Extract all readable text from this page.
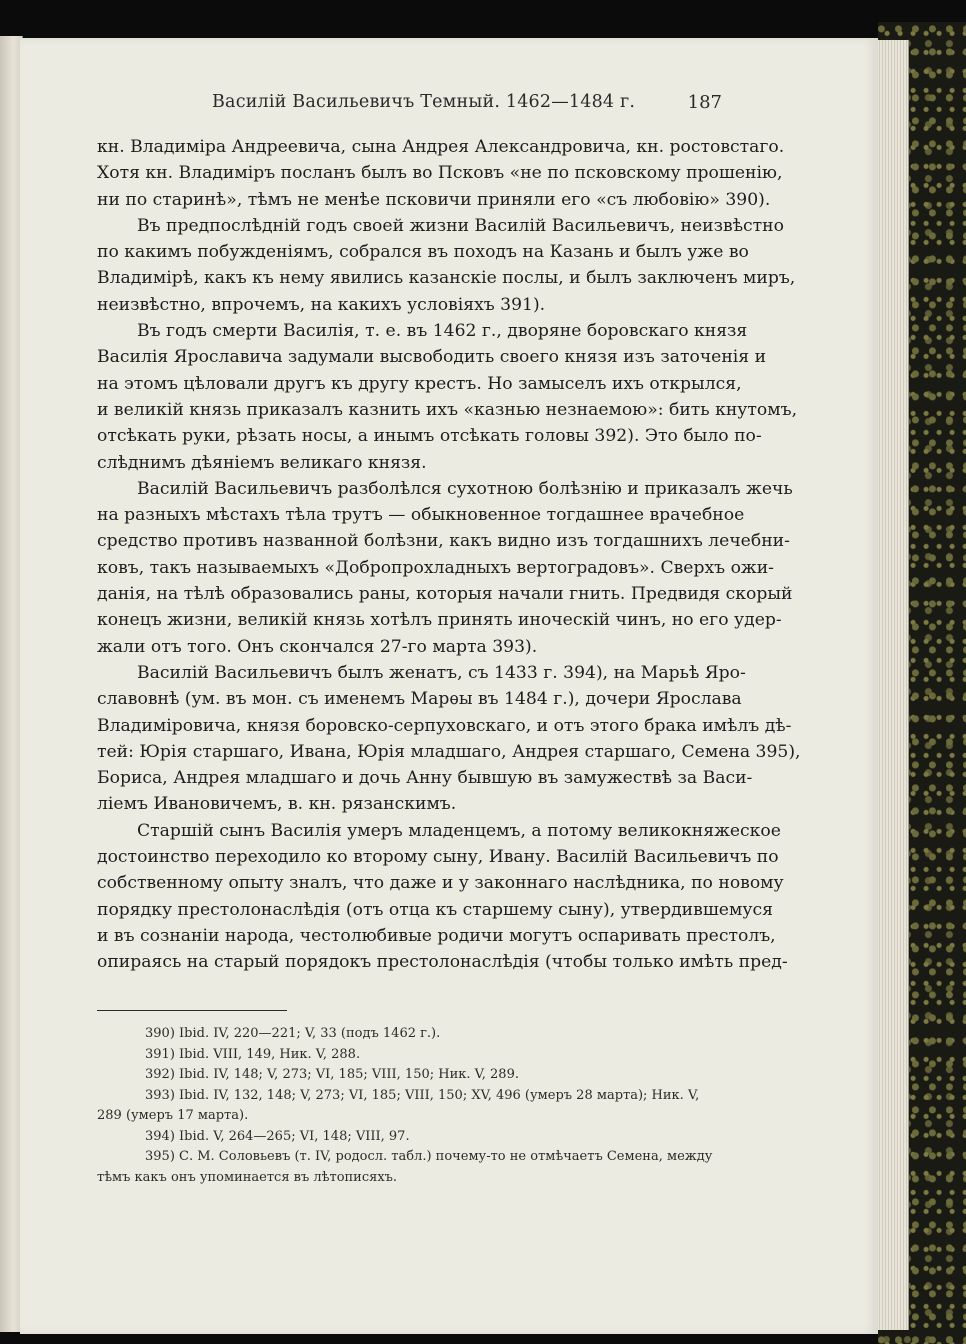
Василій Васильевичъ Темный. 1462—1484 г.	187
кн. Владиміра Андреевича, сына Андрея Александровича, кн. ростовстаго.
Хотя кн. Владиміръ посланъ былъ во Псковъ «не по псковскому прошенію,
ни по старинѣ», тѣмъ не менѣе псковичи приняли его «съ любовію» 390).
Въ предпослѣдній годъ своей жизни Василій Васильевичъ, неизвѣстно
по какимъ побужденіямъ, собрался въ походъ на Казань и былъ уже во
Владимірѣ, какъ къ нему явились казанскіе послы, и былъ заключенъ миръ,
неизвѣстно, впрочемъ, на какихъ условіяхъ 391).
Въ годъ смерти Василія, т. е. въ 1462 г., дворяне боровскаго князя
Василія Ярославича задумали высвободить своего князя изъ заточенія и
на этомъ цѣловали другъ къ другу крестъ. Но замыселъ ихъ открылся,
и великій князь приказалъ казнить ихъ «казнью незнаемою»: бить кнутомъ,
отсѣкать руки, рѣзать носы, а инымъ отсѣкать головы 392). Это было по-
слѣднимъ дѣяніемъ великаго князя.
Василій Васильевичъ разболѣлся сухотною болѣзнію и приказалъ жечь
на разныхъ мѣстахъ тѣла трутъ — обыкновенное тогдашнее врачебное
средство противъ названной болѣзни, какъ видно изъ тогдашнихъ лечебни-
ковъ, такъ называемыхъ «Добропрохладныхъ вертоградовъ». Сверхъ ожи-
данія, на тѣлѣ образовались раны, которыя начали гнить. Предвидя скорый
конецъ жизни, великій князь хотѣлъ принять иноческій чинъ, но его удер-
жали отъ того. Онъ скончался 27-го марта 393).
Василій Васильевичъ былъ женатъ, съ 1433 г. 394), на Марьѣ Яро-
славовнѣ (ум. въ мон. съ именемъ Марѳы въ 1484 г.), дочери Ярослава
Владиміровича, князя боровско-серпуховскаго, и отъ этого брака имѣлъ дѣ-
тей: Юрія старшаго, Ивана, Юрія младшаго, Андрея старшаго, Семена 395),
Бориса, Андрея младшаго и дочь Анну бывшую въ замужествѣ за Васи-
ліемъ Ивановичемъ, в. кн. рязанскимъ.
Старшій сынъ Василія умеръ младенцемъ, а потому великокняжеское
достоинство переходило ко второму сыну, Ивану. Василій Васильевичъ по
собственному опыту зналъ, что даже и у законнаго наслѣдника, по новому
порядку престолонаслѣдія (отъ отца къ старшему сыну), утвердившемуся
и въ сознаніи народа, честолюбивые родичи могутъ оспаривать престолъ,
опираясь на старый порядокъ престолонаслѣдія (чтобы только имѣть пред-
390) Ibid. IV, 220—221; V, 33 (подъ 1462 г.).
391) Ibid. VIII, 149, Ник. V, 288.
392) Ibid. IV, 148; V, 273; VI, 185; VIII, 150; Ник. V, 289.
393) Ibid. IV, 132, 148; V, 273; VI, 185; VIII, 150; XV, 496 (умеръ 28 марта); Ник. V,
289 (умеръ 17 марта).
394) Ibid. V, 264—265; VI, 148; VIII, 97.
395) С. М. Соловьевъ (т. IV, родосл. табл.) почему-то не отмѣчаетъ Семена, между
тѣмъ какъ онъ упоминается въ лѣтописяхъ.
